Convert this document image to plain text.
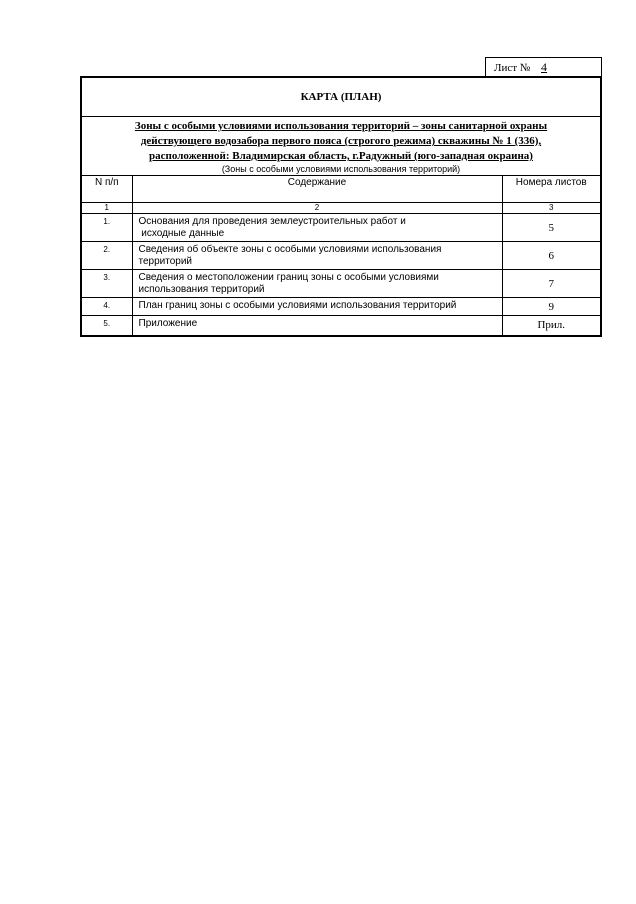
Лист № 4
КАРТА (ПЛАН)
Зоны с особыми условиями использования территорий – зоны санитарной охраны
действующего водозабора первого пояса (строгого режима) скважины № 1 (336),
расположенной: Владимирская область, г.Радужный (юго-западная окраина)
(Зоны с особыми условиями использования территорий)
N п/п	Содержание	Номера листов
1	2	3
1.	Основания для проведения землеустроительных работ и
исходные данные	5
2.	Сведения об объекте зоны с особыми условиями использования
территорий	6
3.	Сведения о местоположении границ зоны с особыми условиями
использования территорий	7
4.	План границ зоны с особыми условиями использования территорий	9
5.	Приложение	Прил.
